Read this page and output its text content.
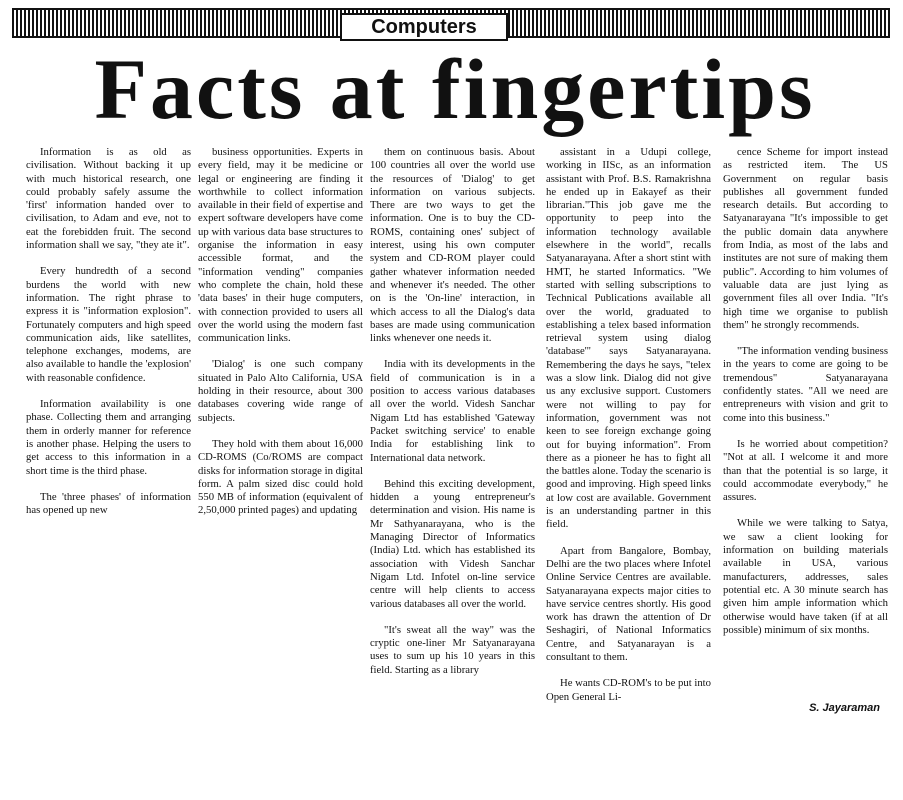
Computers
Facts at fingertips

Information is as old as civilisation. Without backing it up with much historical research, one could probably safely assume the 'first' information handed over to civilisation, to Adam and eve, not to eat the forebidden fruit. The second information shall we say, "they ate it".

Every hundredth of a second burdens the world with new information. The right phrase to express it is "information explosion". Fortunately computers and high speed communication aids, like satellites, telephone exchanges, modems, are also available to handle the 'explosion' with reasonable confidence.

Information availability is one phase. Collecting them and arranging them in orderly manner for reference is another phase. Helping the users to get access to this information in a short time is the third phase.

The 'three phases' of information has opened up new

business opportunities. Experts in every field, may it be medicine or legal or engineering are finding it worthwhile to collect information available in their field of expertise and expert software developers have come up with various data base structures to organise the information in easy accessible format, and the "information vending" companies who complete the chain, hold these 'data bases' in their huge computers, with connection provided to users all over the world using the modern fast communication links.

'Dialog' is one such company situated in Palo Alto California, USA holding in their resource, about 300 databases covering wide range of subjects.

They hold with them about 16,000 CD-ROMS (Co/ROMS are compact disks for information storage in digital form. A palm sized disc could hold 550 MB of information (equivalent of 2,50,000 printed pages) and updating

them on continuous basis. About 100 countries all over the world use the resources of 'Dialog' to get information on various subjects. There are two ways to get the information. One is to buy the CD-ROMS, containing ones' subject of interest, using his own computer system and CD-ROM player could gather whatever information needed and whenever it's needed. The other on is the 'On-line' interaction, in which access to all the Dialog's data bases are made using communication links whenever one needs it.

India with its developments in the field of communication is in a position to access various databases all over the world. Videsh Sanchar Nigam Ltd has established 'Gateway Packet switching service' to enable India for establishing link to International data network.

Behind this exciting development, hidden a young entrepreneur's determination and vision. His name is Mr Sathyanarayana, who is the Managing Director of Informatics (India) Ltd. which has established its association with Videsh Sanchar Nigam Ltd. Infotel on-line service centre will help clients to access various databases all over the world.

"It's sweat all the way" was the cryptic one-liner Mr Satyanarayana uses to sum up his 10 years in this field. Starting as a library

assistant in a Udupi college, working in IISc, as an information assistant with Prof. B.S. Ramakrishna he ended up in Eakayef as their librarian."This job gave me the opportunity to peep into the information technology available elsewhere in the world", recalls Satyanarayana. After a short stint with HMT, he started Informatics. "We started with selling subscriptions to Technical Publications available all over the world, graduated to establishing a telex based information retrieval system using dialog 'database'" says Satyanarayana. Remembering the days he says, "telex was a slow link. Dialog did not give us any exclusive support. Customers were not willing to pay for information, government was not keen to see foreign exchange going out for buying information". From there as a pioneer he has to fight all the battles alone. Today the scenario is good and improving. High speed links at low cost are available. Government is an understanding partner in this field.

Apart from Bangalore, Bombay, Delhi are the two places where Infotel Online Service Centres are available. Satyanarayana expects major cities to have service centres shortly. His good work has drawn the attention of Dr Seshagiri, of National Informatics Centre, and Satyanarayan is a consultant to them.

He wants CD-ROM's to be put into Open General Li-

cence Scheme for import instead as restricted item. The US Government on regular basis publishes all government funded research details. But according to Satyanarayana "It's impossible to get the public domain data anywhere from India, as most of the labs and institutes are not sure of making them public". According to him volumes of valuable data are just lying as government files all over India. "It's high time we organise to publish them" he strongly recommends.

"The information vending business in the years to come are going to be tremendous" Satyanarayana confidently states. "All we need are entrepreneurs with vision and grit to come into this business."

Is he worried about competition? "Not at all. I welcome it and more than that the potential is so large, it could accommodate everybody," he assures.

While we were talking to Satya, we saw a client looking for information on building materials available in USA, various manufacturers, addresses, sales potential etc. A 30 minute search has given him ample information which otherwise would have taken (if at all possible) minimum of six months.

S. Jayaraman
